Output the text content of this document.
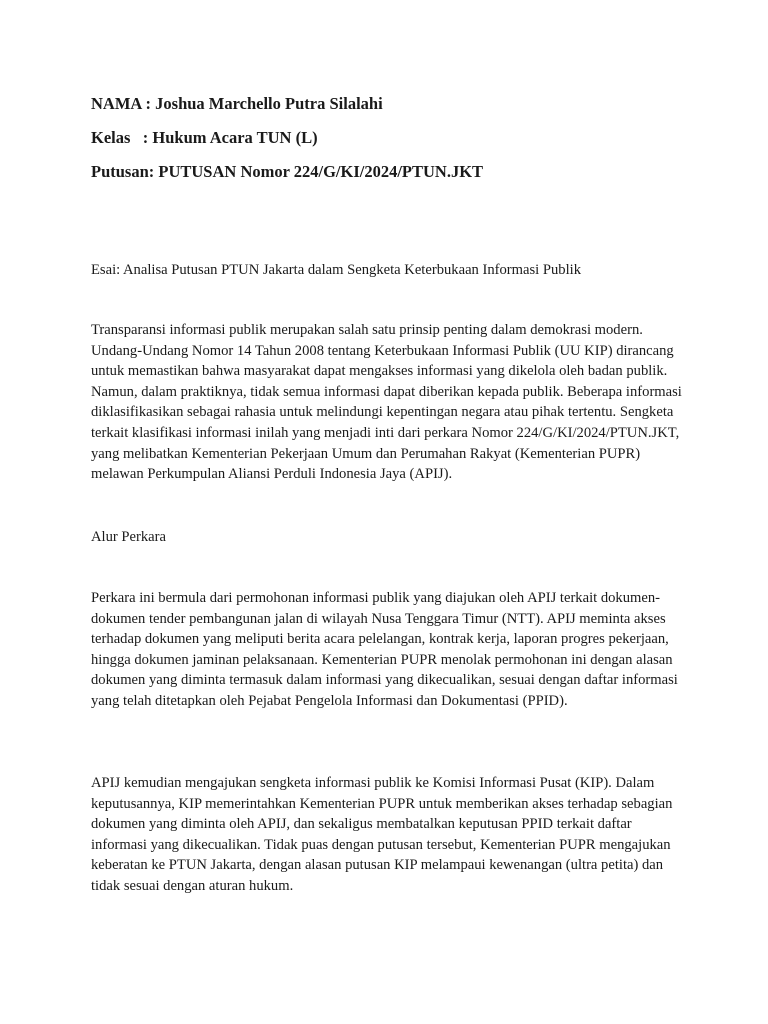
NAMA : Joshua Marchello Putra Silalahi
Kelas   : Hukum Acara TUN (L)
Putusan: PUTUSAN Nomor 224/G/KI/2024/PTUN.JKT

Esai: Analisa Putusan PTUN Jakarta dalam Sengketa Keterbukaan Informasi Publik

Transparansi informasi publik merupakan salah satu prinsip penting dalam demokrasi modern. Undang-Undang Nomor 14 Tahun 2008 tentang Keterbukaan Informasi Publik (UU KIP) dirancang untuk memastikan bahwa masyarakat dapat mengakses informasi yang dikelola oleh badan publik. Namun, dalam praktiknya, tidak semua informasi dapat diberikan kepada publik. Beberapa informasi diklasifikasikan sebagai rahasia untuk melindungi kepentingan negara atau pihak tertentu. Sengketa terkait klasifikasi informasi inilah yang menjadi inti dari perkara Nomor 224/G/KI/2024/PTUN.JKT, yang melibatkan Kementerian Pekerjaan Umum dan Perumahan Rakyat (Kementerian PUPR) melawan Perkumpulan Aliansi Perduli Indonesia Jaya (APIJ).

Alur Perkara

Perkara ini bermula dari permohonan informasi publik yang diajukan oleh APIJ terkait dokumen-dokumen tender pembangunan jalan di wilayah Nusa Tenggara Timur (NTT). APIJ meminta akses terhadap dokumen yang meliputi berita acara pelelangan, kontrak kerja, laporan progres pekerjaan, hingga dokumen jaminan pelaksanaan. Kementerian PUPR menolak permohonan ini dengan alasan dokumen yang diminta termasuk dalam informasi yang dikecualikan, sesuai dengan daftar informasi yang telah ditetapkan oleh Pejabat Pengelola Informasi dan Dokumentasi (PPID).

APIJ kemudian mengajukan sengketa informasi publik ke Komisi Informasi Pusat (KIP). Dalam keputusannya, KIP memerintahkan Kementerian PUPR untuk memberikan akses terhadap sebagian dokumen yang diminta oleh APIJ, dan sekaligus membatalkan keputusan PPID terkait daftar informasi yang dikecualikan. Tidak puas dengan putusan tersebut, Kementerian PUPR mengajukan keberatan ke PTUN Jakarta, dengan alasan putusan KIP melampaui kewenangan (ultra petita) dan tidak sesuai dengan aturan hukum.
